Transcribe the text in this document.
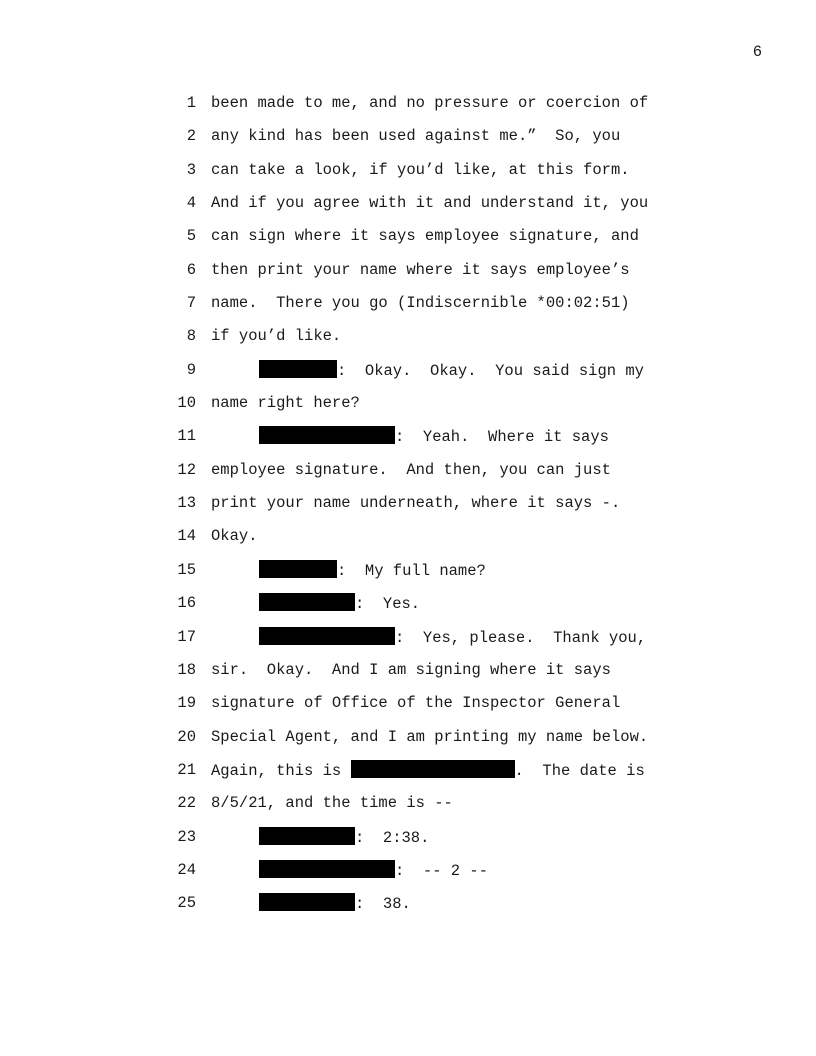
6

1

been made to me, and no pressure or coercion of

2

any kind has been used against me.”  So, you

3

can take a look, if you’d like, at this form.

4

And if you agree with it and understand it, you

5

can sign where it says employee signature, and

6

then print your name where it says employee’s

7

name.  There you go (Indiscernible *00:02:51)

8

if you’d like.

9

	:  Okay.  Okay.  You said sign my

10

name right here?

11

	:  Yeah.  Where it says

12

employee signature.  And then, you can just

13

print your name underneath, where it says -.

14

Okay.

15

	:  My full name?

16

	:  Yes.

17

	:  Yes, please.  Thank you,

18

sir.  Okay.  And I am signing where it says

19

signature of Office of the Inspector General

20

Special Agent, and I am printing my name below.

21

Again, this is	.  The date is

22

8/5/21, and the time is --

23

	:  2:38.

24

	:  -- 2 --

25

	:  38.
